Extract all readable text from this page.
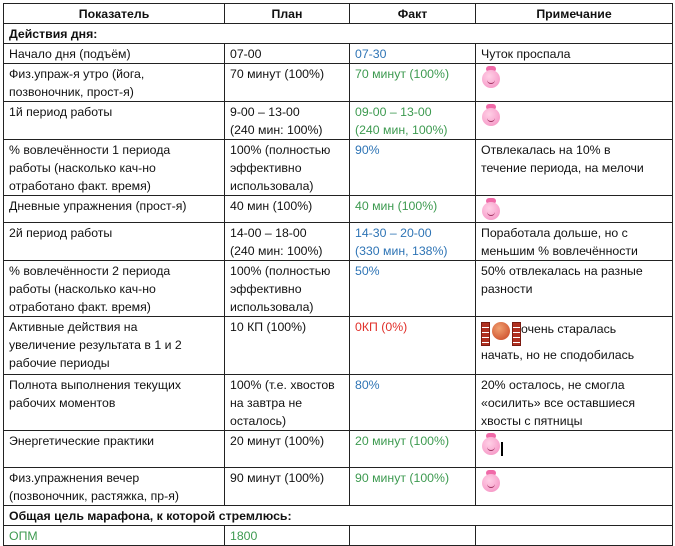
Показатель	План	Факт	Примечание
Действия дня:			
Начало дня (подъём)	07-00	07-30	Чуток проспала
Физ.упраж-я утро (йога,
позвоночник, прост-я)	70 минут (100%)	70 минут (100%)	

1й период работы	9-00 – 13-00
(240 мин: 100%)	09-00 – 13-00
(240 мин, 100%)	

% вовлечённости 1 периода
работы (насколько кач-но
отработано факт. время)	100% (полностью
эффективно
использовала)	90%	Отвлекалась на 10% в
течение периода, на мелочи
Дневные упражнения (прост-я)	40 мин (100%)	40 мин (100%)	

2й период работы	14-00 – 18-00
(240 мин: 100%)	14-30 – 20-00
(330 мин, 138%)	Поработала дольше, но с
меньшим % вовлечённости
% вовлечённости 2 периода
работы (насколько кач-но
отработано факт. время)	100% (полностью
эффективно
использовала)	50%	50% отвлекалась на разные
разности
Активные действия на
увеличение результата в 1 и 2
рабочие периоды	10 КП (100%)	0КП (0%)	очень старалась
начать, но не сподобилась
Полнота выполнения текущих
рабочих моментов	100% (т.е. хвостов
на завтра не
осталось)	80%	20% осталось, не смогла
«осилить» все оставшиеся
хвосты с пятницы
Энергетические практики	20 минут (100%)	20 минут (100%)	

Физ.упражнения вечер
(позвоночник, растяжка, пр-я)	90 минут (100%)	90 минут (100%)	

Общая цель марафона, к которой стремлюсь:			
ОПМ	1800		
